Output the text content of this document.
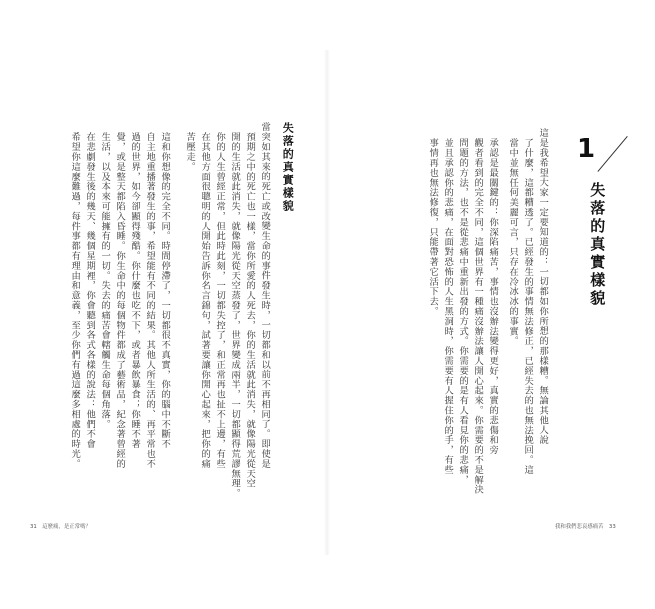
希望你這麼難過，每件事都有理由和意義，至少你們有過這麼多相處的時光。 在悲劇發生後的幾天、幾個星期裡，你會聽到各式各樣的說法：他們不會 生活，以及本來可能擁有的一切。失去的痛苦會轄觸生命每個角落。 覺，或是整天都陷入昏睡。你生命中的每個物件都成了藝術品，紀念著曾經的 過的世界，如今卻顯得殘酷。你什麼也吃不下，或者暴飲暴食；你睡不著 自主地重播著發生的事，希望能有不同的結果。其他人所生活的、再平常也不 這和你想像的完全不同。時間停滯了，一切都很不真實，你的腦中不斷不 苦壓走。 在其他方面很聰明的人開始告訴你名言錦句，試著要讓你開心起來，把你的痛 你的人生曾經正常，但此時此刻，一切都失控了，和正常再也扯不上邊，有些 開的生活就此消失，就像陽光從天空蒸發了，世界變成兩半，一切都顯得荒謬無理。 預期之中的死亡也一樣，當你所愛的人死去，你的生活就此消失，就像陽光從天空 當突如其來的死亡或改變生命的事件發生時，一切都和以前不再相同了。即使是 失落的真實樣貌
31　這麼痛，是正常嗎？
事情再也無法修復，只能帶著它活下去。 並且承認你的悲痛，在面對恐怖的人生黑洞時，你需要有人握住你的手，有些 問題的方法，也不是從悲痛中重新出發的方式。你需要的是有人看見你的悲痛， 觀者看到的完全不同，這個世界有一種痛沒辦法讓人開心起來。你需要的不是解決 承認是最關鍵的：你深陷痛苦，事情也沒辦法變得更好，真實的悲傷和旁 當中並無任何美麗可言，只存在冷冰冰的事實。 了什麼，這都糟透了。已經發生的事情無法修正，已經失去的也無法挽回。這 這是我希望大家一定要知道的：一切都如你所想的那樣糟。無論其他人說 1
失落的真實樣貌
我和我們悲哀感痛苦　33
